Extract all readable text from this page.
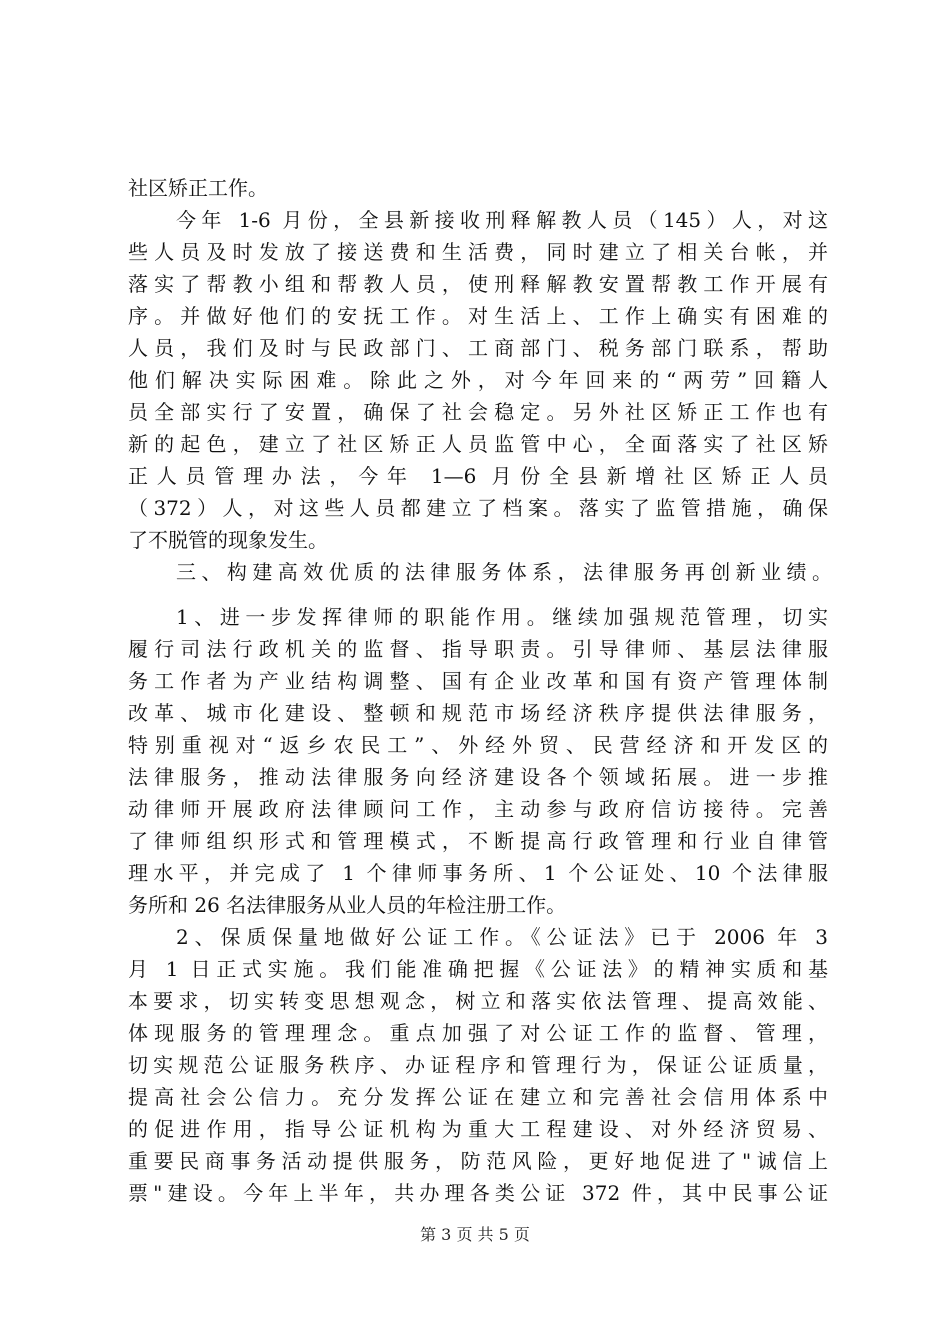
社区矫正工作。
今年 1-6 月份，全县新接收刑释解教人员（145）人，对这
些人员及时发放了接送费和生活费，同时建立了相关台帐，并
落实了帮教小组和帮教人员，使刑释解教安置帮教工作开展有
序。并做好他们的安抚工作。对生活上、工作上确实有困难的
人员，我们及时与民政部门、工商部门、税务部门联系，帮助
他们解决实际困难。除此之外，对今年回来的“两劳”回籍人
员全部实行了安置，确保了社会稳定。另外社区矫正工作也有
新的起色，建立了社区矫正人员监管中心，全面落实了社区矫
正人员管理办法，今年 1—6 月份全县新增社区矫正人员
（372）人，对这些人员都建立了档案。落实了监管措施，确保
了不脱管的现象发生。
三、构建高效优质的法律服务体系，法律服务再创新业绩。
1、进一步发挥律师的职能作用。继续加强规范管理，切实
履行司法行政机关的监督、指导职责。引导律师、基层法律服
务工作者为产业结构调整、国有企业改革和国有资产管理体制
改革、城市化建设、整顿和规范市场经济秩序提供法律服务，
特别重视对“返乡农民工”、外经外贸、民营经济和开发区的
法律服务，推动法律服务向经济建设各个领域拓展。进一步推
动律师开展政府法律顾问工作，主动参与政府信访接待。完善
了律师组织形式和管理模式，不断提高行政管理和行业自律管
理水平，并完成了 1 个律师事务所、1 个公证处、10 个法律服
务所和 26 名法律服务从业人员的年检注册工作。
2、保质保量地做好公证工作。《公证法》已于 2006 年 3
月 1 日正式实施。我们能准确把握《公证法》的精神实质和基
本要求，切实转变思想观念，树立和落实依法管理、提高效能、
体现服务的管理理念。重点加强了对公证工作的监督、管理，
切实规范公证服务秩序、办证程序和管理行为，保证公证质量，
提高社会公信力。充分发挥公证在建立和完善社会信用体系中
的促进作用，指导公证机构为重大工程建设、对外经济贸易、
重要民商事务活动提供服务，防范风险，更好地促进了"诚信上
票"建设。今年上半年，共办理各类公证 372 件，其中民事公证
第 3 页 共 5 页
